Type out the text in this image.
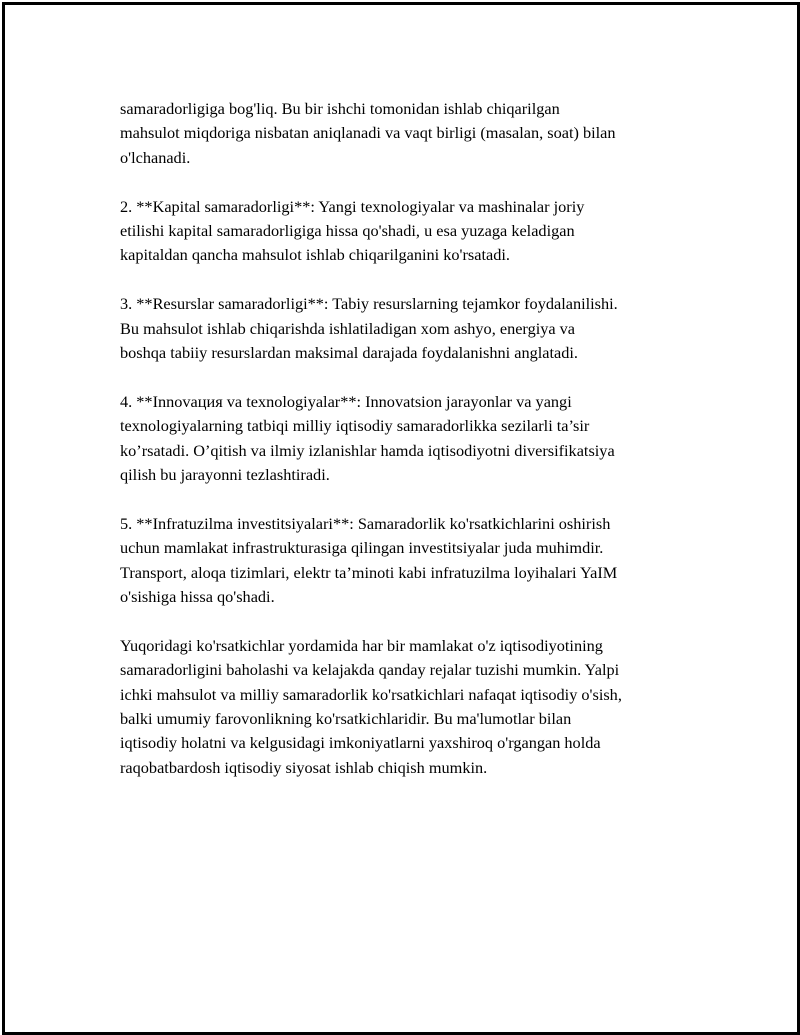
samaradorligiga bog'liq. Bu bir ishchi tomonidan ishlab chiqarilgan
mahsulot miqdoriga nisbatan aniqlanadi va vaqt birligi (masalan, soat) bilan
o'lchanadi.

2. **Kapital samaradorligi**: Yangi texnologiyalar va mashinalar joriy
etilishi kapital samaradorligiga hissa qo'shadi, u esa yuzaga keladigan
kapitaldan qancha mahsulot ishlab chiqarilganini ko'rsatadi.

3. **Resurslar samaradorligi**: Tabiy resurslarning tejamkor foydalanilishi.
Bu mahsulot ishlab chiqarishda ishlatiladigan xom ashyo, energiya va
boshqa tabiiy resurslardan maksimal darajada foydalanishni anglatadi.

4. **Innovация va texnologiyalar**: Innovatsion jarayonlar va yangi
texnologiyalarning tatbiqi milliy iqtisodiy samaradorlikka sezilarli ta’sir
ko’rsatadi. O’qitish va ilmiy izlanishlar hamda iqtisodiyotni diversifikatsiya
qilish bu jarayonni tezlashtiradi.

5. **Infratuzilma investitsiyalari**: Samaradorlik ko'rsatkichlarini oshirish
uchun mamlakat infrastrukturasiga qilingan investitsiyalar juda muhimdir.
Transport, aloqa tizimlari, elektr ta’minoti kabi infratuzilma loyihalari YaIM
o'sishiga hissa qo'shadi.

Yuqoridagi ko'rsatkichlar yordamida har bir mamlakat o'z iqtisodiyotining
samaradorligini baholashi va kelajakda qanday rejalar tuzishi mumkin. Yalpi
ichki mahsulot va milliy samaradorlik ko'rsatkichlari nafaqat iqtisodiy o'sish,
balki umumiy farovonlikning ko'rsatkichlaridir. Bu ma'lumotlar bilan
iqtisodiy holatni va kelgusidagi imkoniyatlarni yaxshiroq o'rgangan holda
raqobatbardosh iqtisodiy siyosat ishlab chiqish mumkin.
